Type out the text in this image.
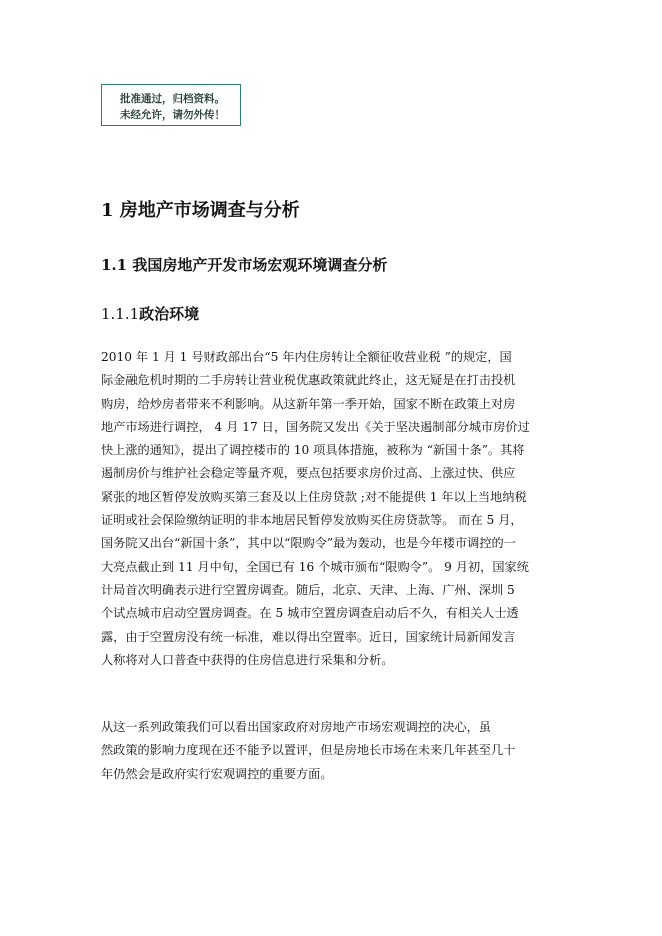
批准通过，归档资料。
未经允许，请勿外传！
1 房地产市场调查与分析
1.1 我国房地产开发市场宏观环境调查分析
1.1.1政治环境
2010 年 1 月 1 号财政部出台“5 年内住房转让全额征收营业税 ”的规定，国
际金融危机时期的二手房转让营业税优惠政策就此终止，这无疑是在打击投机
购房，给炒房者带来不利影响。从这新年第一季开始，国家不断在政策上对房
地产市场进行调控， 4 月 17 日，国务院又发出《关于坚决遏制部分城市房价过
快上涨的通知》，提出了调控楼市的 10 项具体措施，被称为 “新国十条”。其将
遏制房价与维护社会稳定等量齐观，要点包括要求房价过高、上涨过快、供应
紧张的地区暂停发放购买第三套及以上住房贷款 ;对不能提供 1 年以上当地纳税
证明或社会保险缴纳证明的非本地居民暂停发放购买住房贷款等。 而在 5 月，
国务院又出台“新国十条”，其中以“限购令”最为轰动，也是今年楼市调控的一
大亮点截止到 11 月中旬，全国已有 16 个城市颁布“限购令”。 9 月初，国家统
计局首次明确表示进行空置房调查。随后，北京、天津、上海、广州、深圳 5
个试点城市启动空置房调查。在 5 城市空置房调查启动后不久，有相关人士透
露，由于空置房没有统一标准，难以得出空置率。近日，国家统计局新闻发言
人称将对人口普查中获得的住房信息进行采集和分析。
从这一系列政策我们可以看出国家政府对房地产市场宏观调控的决心，虽
然政策的影响力度现在还不能予以置评，但是房地长市场在未来几年甚至几十
年仍然会是政府实行宏观调控的重要方面。
